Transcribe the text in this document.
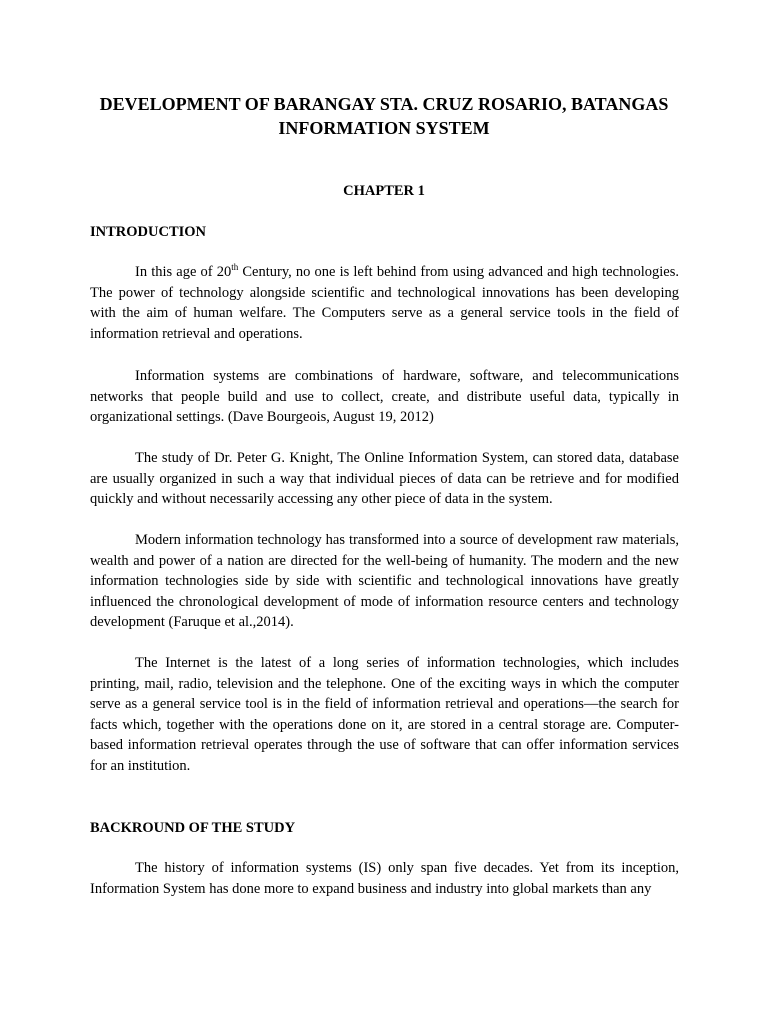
DEVELOPMENT OF BARANGAY STA. CRUZ ROSARIO, BATANGAS
INFORMATION SYSTEM

CHAPTER 1

INTRODUCTION

In this age of 20th Century, no one is left behind from using advanced and high technologies. The power of technology alongside scientific and technological innovations has been developing with the aim of human welfare. The Computers serve as a general service tools in the field of information retrieval and operations.

Information systems are combinations of hardware, software, and telecommunications networks that people build and use to collect, create, and distribute useful data, typically in organizational settings. (Dave Bourgeois, August 19, 2012)

The study of Dr. Peter G. Knight, The Online Information System, can stored data, database are usually organized in such a way that individual pieces of data can be retrieve and for modified quickly and without necessarily accessing any other piece of data in the system.

Modern information technology has transformed into a source of development raw materials, wealth and power of a nation are directed for the well-being of humanity. The modern and the new information technologies side by side with scientific and technological innovations have greatly influenced the chronological development of mode of information resource centers and technology development (Faruque et al.,2014).

The Internet is the latest of a long series of information technologies, which includes printing, mail, radio, television and the telephone. One of the exciting ways in which the computer serve as a general service tool is in the field of information retrieval and operations—the search for facts which, together with the operations done on it, are stored in a central storage are. Computer-based information retrieval operates through the use of software that can offer information services for an institution.

BACKROUND OF THE STUDY

The history of information systems (IS) only span five decades. Yet from its inception, Information System has done more to expand business and industry into global markets than any
